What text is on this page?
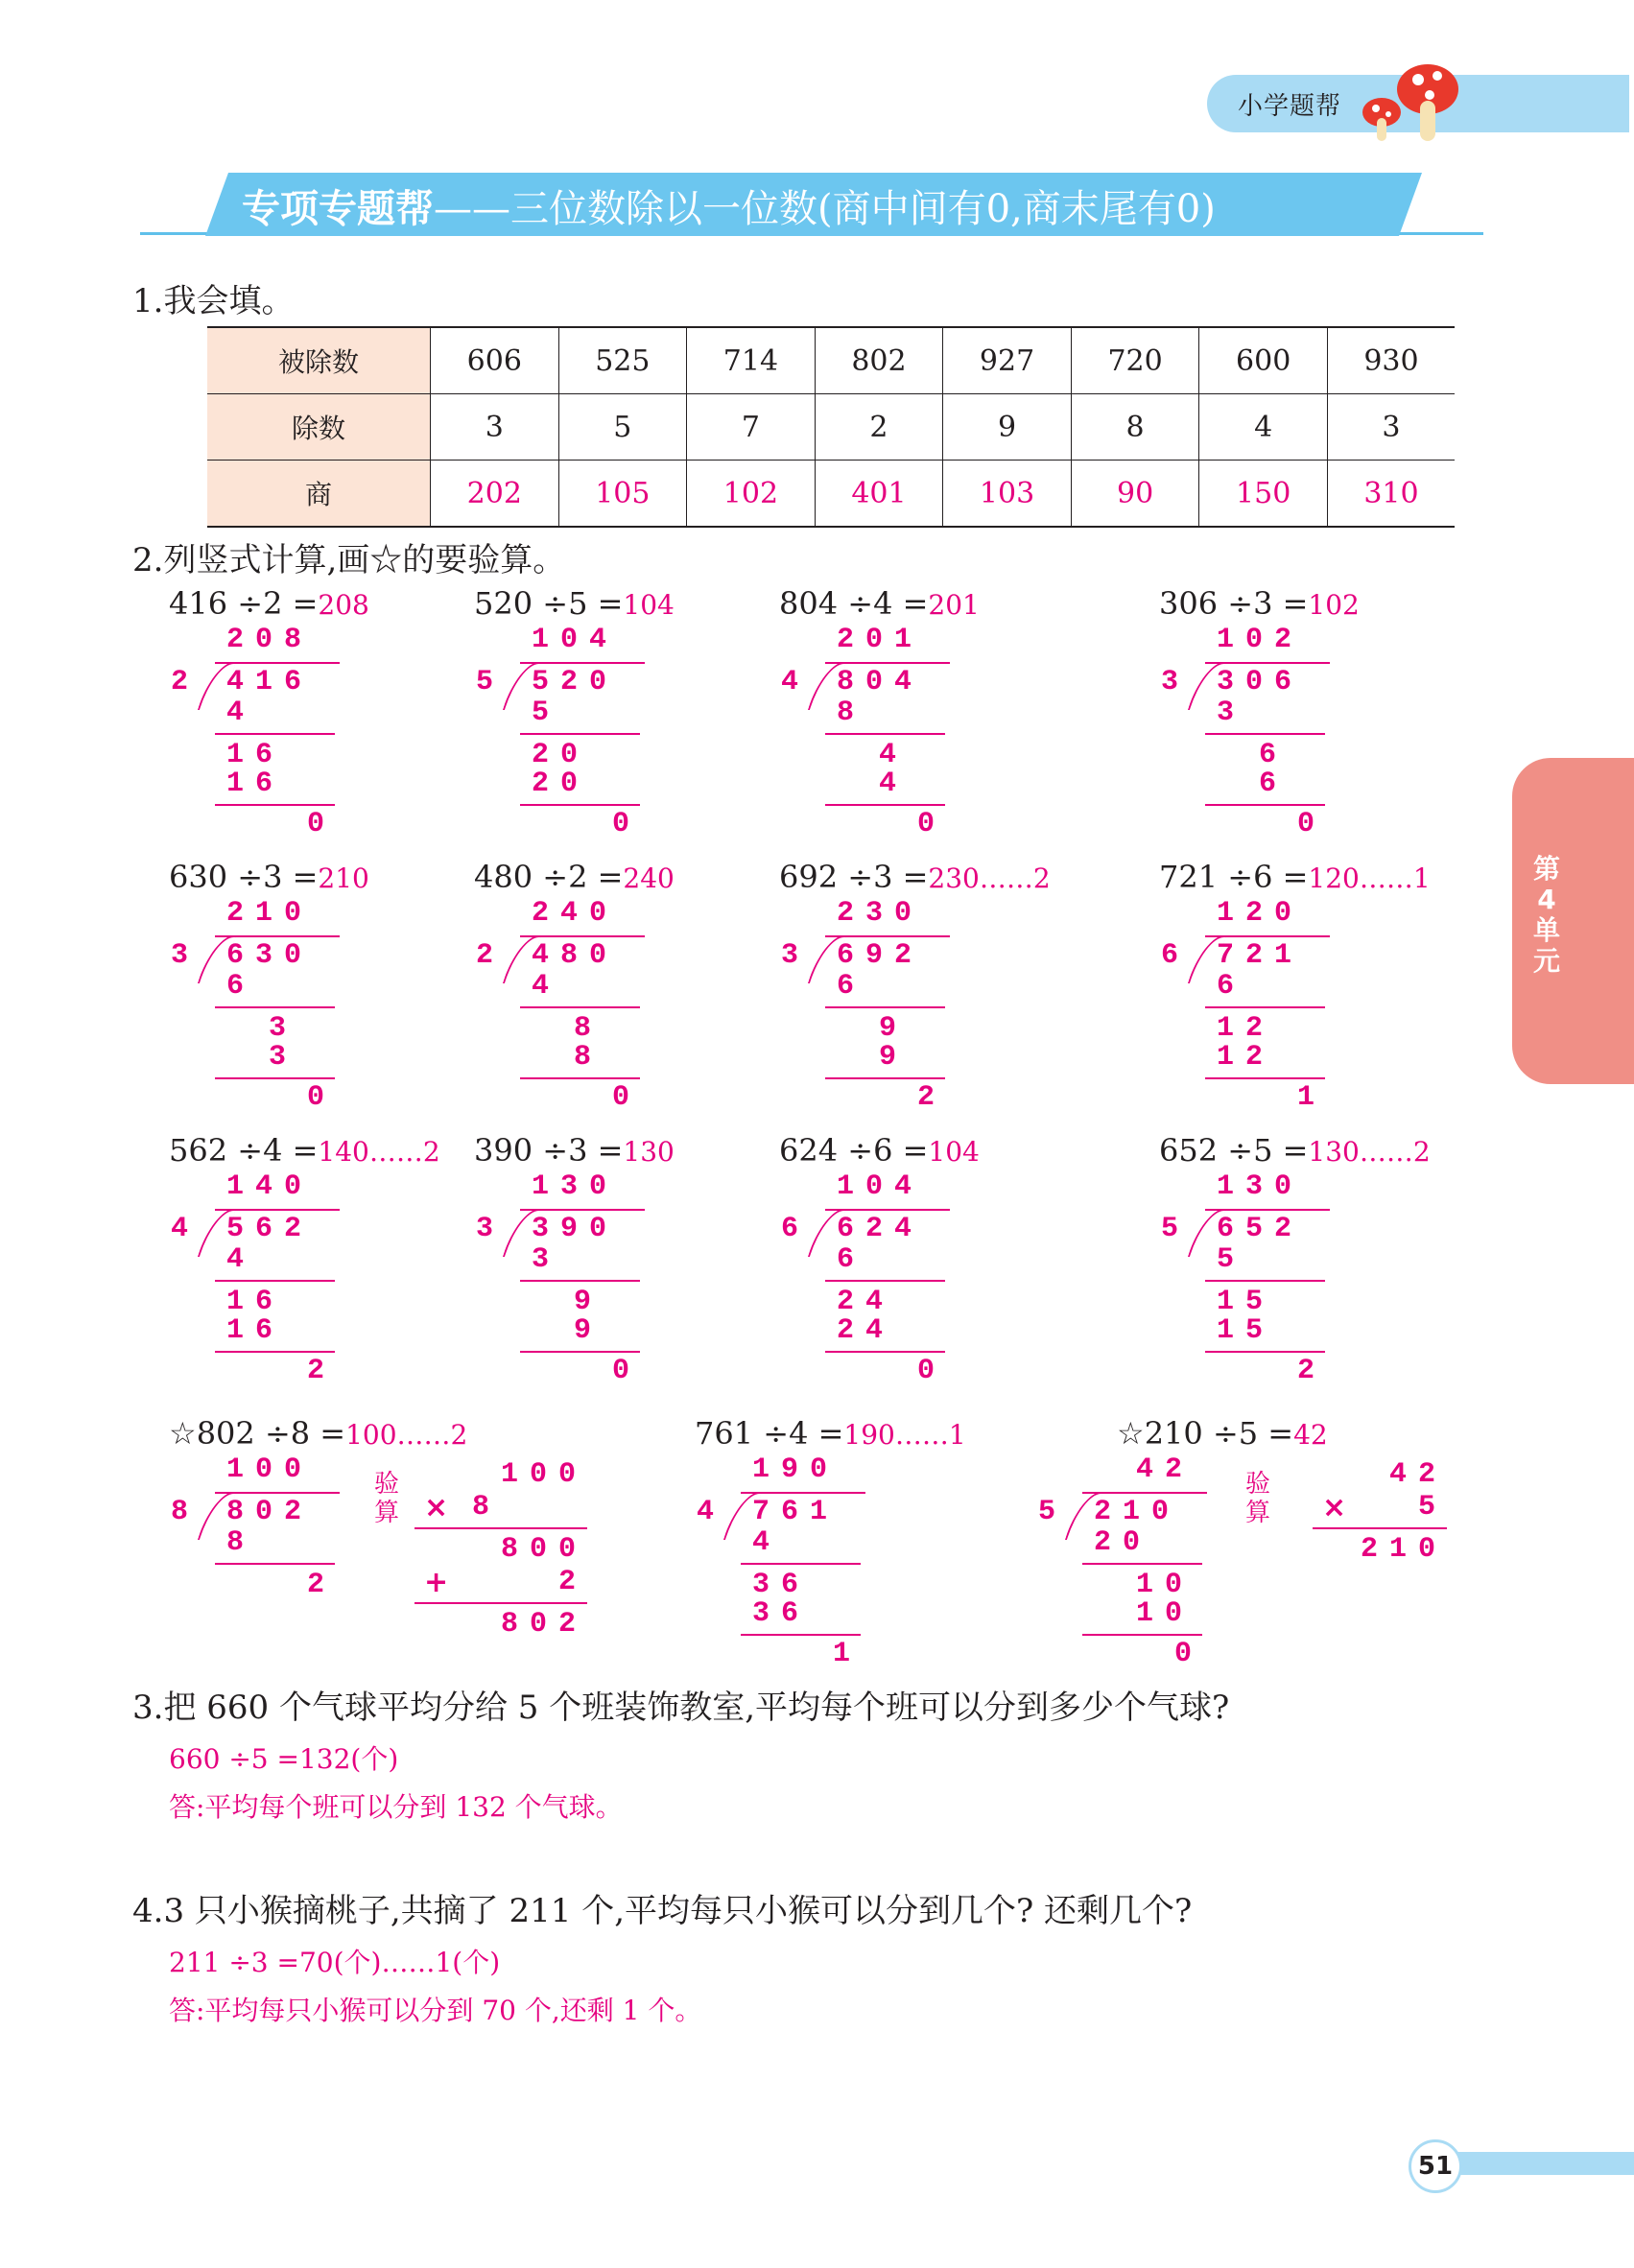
小学题帮
专项专题帮——三位数除以一位数(商中间有0,商末尾有0)
第4单元
1.我会填。
被除数	606	525	714	802	927	720	600	930
除数	3	5	7	2	9	8	4	3
商	202	105	102	401	103	90	150	310
2.列竖式计算,画☆的要验算。
416 ÷2 =208
208
2 416
4
16
16
0
520 ÷5 =104
104
5 520
5
20
20
0
804 ÷4 =201
201
4 804
8
4
4
0
306 ÷3 =102
102
3 306
3
6
6
0
630 ÷3 =210
210
3 630
6
3
3
0
480 ÷2 =240
240
2 480
4
8
8
0
692 ÷3 =230……2
230
3 692
6
9
9
2
721 ÷6 =120……1
120
6 721
6
12
12
1
562 ÷4 =140……2
140
4 562
4
16
16
2
390 ÷3 =130
130
3 390
3
9
9
0
624 ÷6 =104
104
6 624
6
24
24
0
652 ÷5 =130……2
130
5 652
5
15
15
2
☆802 ÷8 =100……2
100
8 802
8
2
验算
100
× 8
800
+	2
802
761 ÷4 =190……1
190
4 761
4
36
36
1
☆210 ÷5 =42
42
5 210
20
10
10
0
验算
42
× 5
210
3.把 660 个气球平均分给 5 个班装饰教室,平均每个班可以分到多少个气球?
660 ÷5 =132(个)
答:平均每个班可以分到 132 个气球。
4.3 只小猴摘桃子,共摘了 211 个,平均每只小猴可以分到几个? 还剩几个?
211 ÷3 =70(个)……1(个)
答:平均每只小猴可以分到 70 个,还剩 1 个。
51
